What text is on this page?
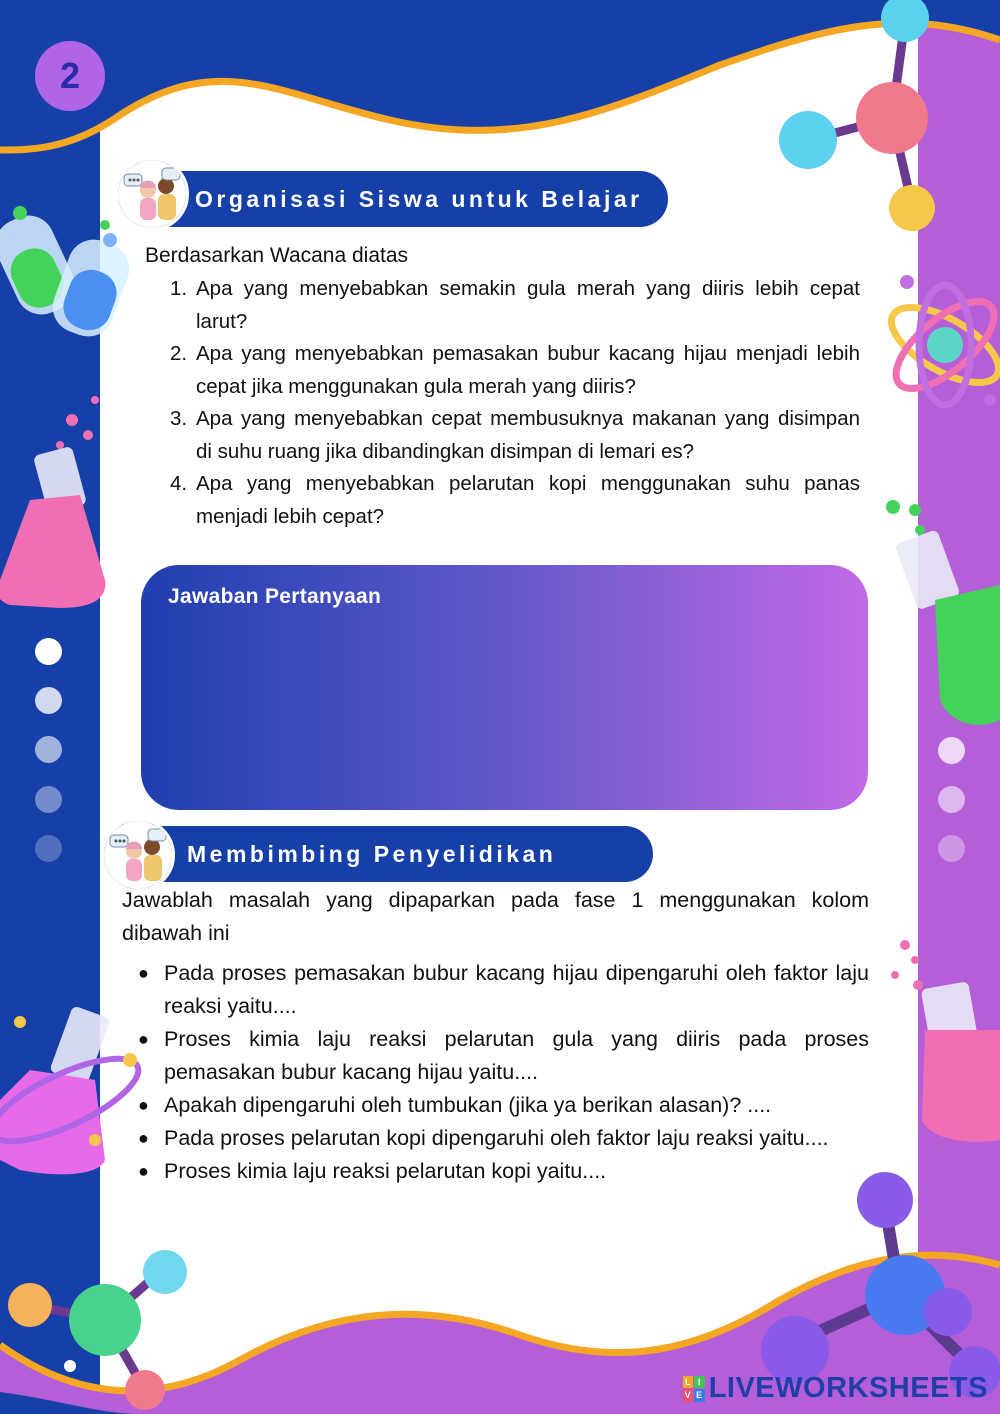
2
Organisasi Siswa untuk Belajar
Berdasarkan Wacana diatas
1. Apa yang menyebabkan semakin gula merah yang diiris lebih cepat larut?
2. Apa yang menyebabkan pemasakan bubur kacang hijau menjadi lebih cepat jika menggunakan gula merah yang diiris?
3. Apa yang menyebabkan cepat membusuknya makanan yang disimpan di suhu ruang jika dibandingkan disimpan di lemari es?
4. Apa yang menyebabkan pelarutan kopi menggunakan suhu panas menjadi lebih cepat?
Jawaban Pertanyaan
Membimbing Penyelidikan

Jawablah masalah yang dipaparkan pada fase 1 menggunakan kolom dibawah ini

● Pada proses pemasakan bubur kacang hijau dipengaruhi oleh faktor laju reaksi yaitu....
● Proses kimia laju reaksi pelarutan gula yang diiris pada proses pemasakan bubur kacang hijau yaitu....
● Apakah dipengaruhi oleh tumbukan (jika ya berikan alasan)? ....
● Pada proses pelarutan kopi dipengaruhi oleh faktor laju reaksi yaitu....
● Proses kimia laju reaksi pelarutan kopi yaitu....
L I
V E LIVEWORKSHEETS
